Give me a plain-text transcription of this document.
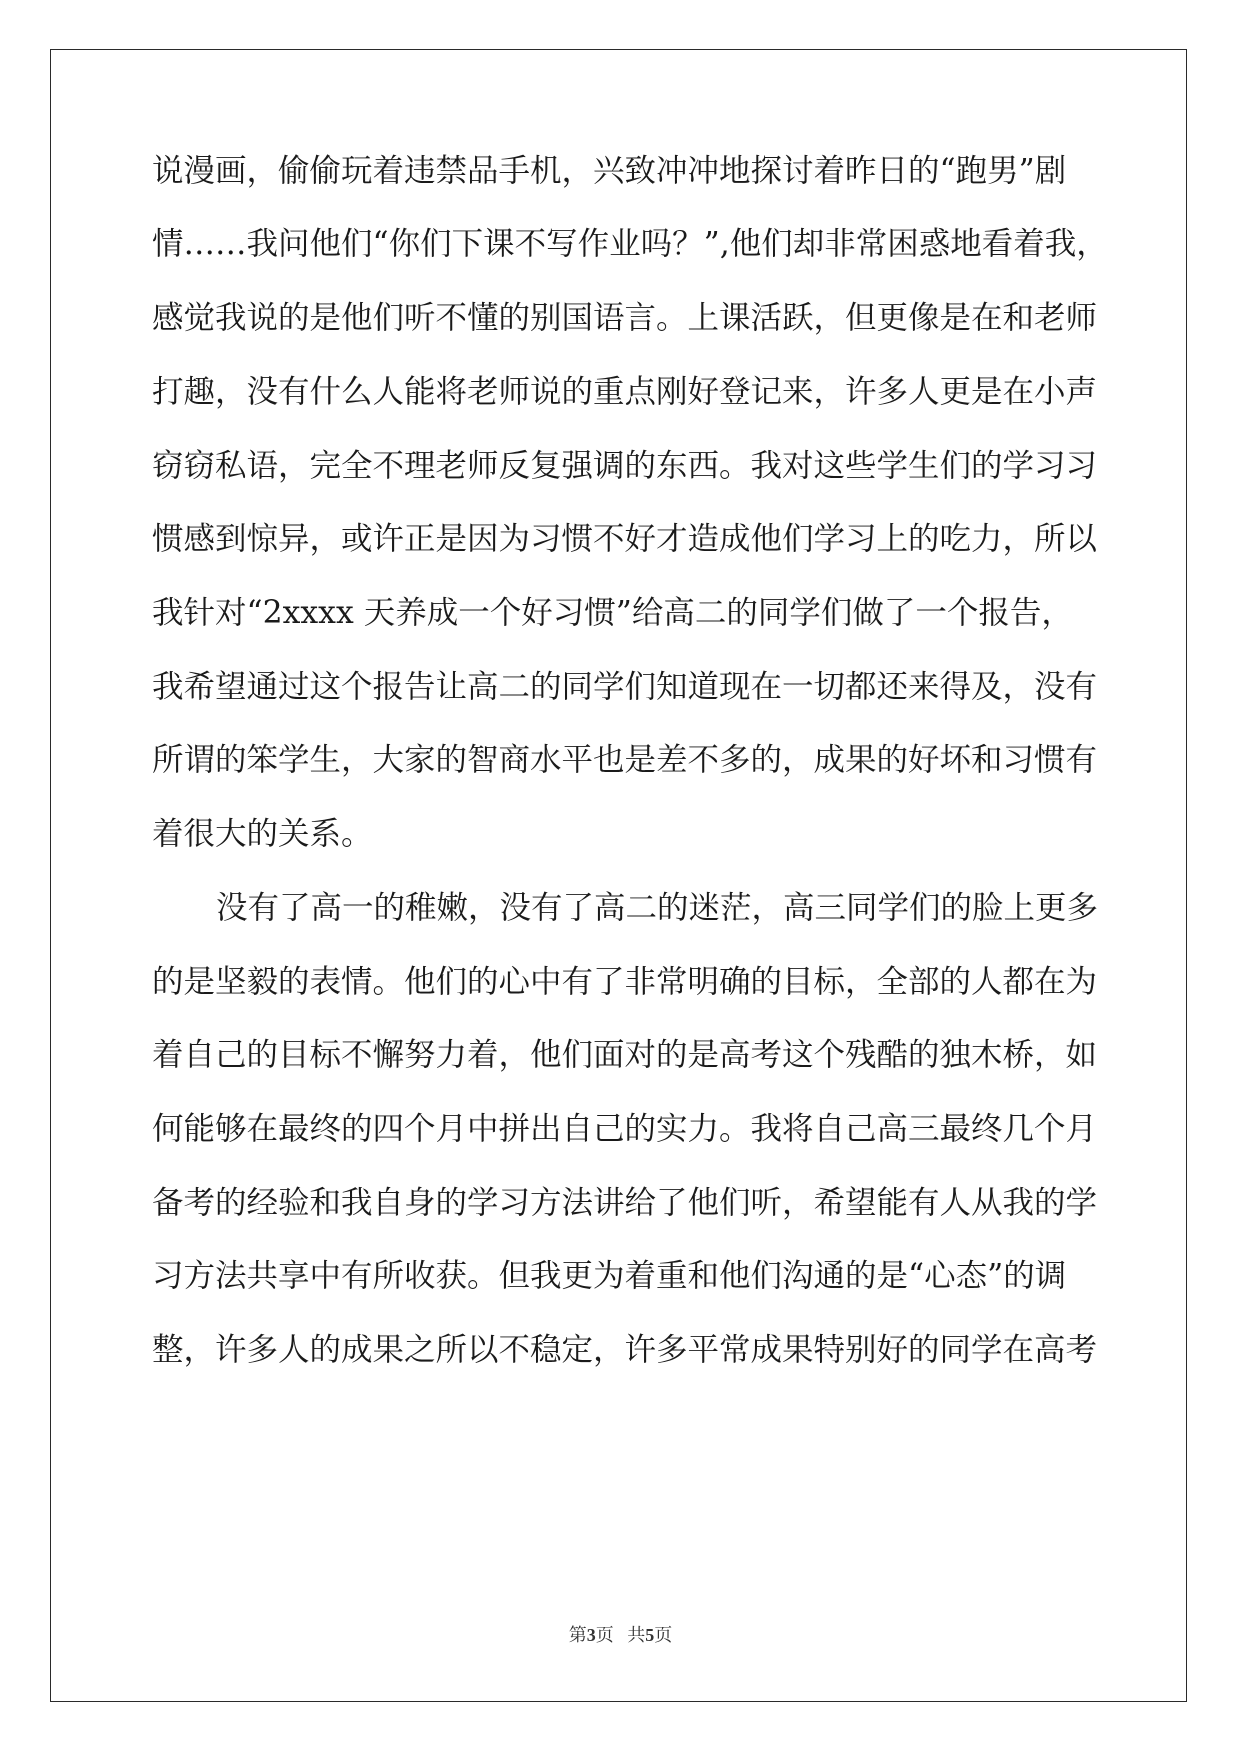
说漫画，偷偷玩着违禁品手机，兴致冲冲地探讨着昨日的“跑男”剧

情……我问他们“你们下课不写作业吗？”,他们却非常困惑地看着我，

感觉我说的是他们听不懂的别国语言。上课活跃，但更像是在和老师

打趣，没有什么人能将老师说的重点刚好登记来，许多人更是在小声

窃窃私语，完全不理老师反复强调的东西。我对这些学生们的学习习

惯感到惊异，或许正是因为习惯不好才造成他们学习上的吃力，所以

我针对“2xxxx 天养成一个好习惯”给高二的同学们做了一个报告，

我希望通过这个报告让高二的同学们知道现在一切都还来得及，没有

所谓的笨学生，大家的智商水平也是差不多的，成果的好坏和习惯有

着很大的关系。

没有了高一的稚嫩，没有了高二的迷茫，高三同学们的脸上更多

的是坚毅的表情。他们的心中有了非常明确的目标，全部的人都在为

着自己的目标不懈努力着，他们面对的是高考这个残酷的独木桥，如

何能够在最终的四个月中拼出自己的实力。我将自己高三最终几个月

备考的经验和我自身的学习方法讲给了他们听，希望能有人从我的学

习方法共享中有所收获。但我更为着重和他们沟通的是“心态”的调

整，许多人的成果之所以不稳定，许多平常成果特别好的同学在高考

第3页   共5页
